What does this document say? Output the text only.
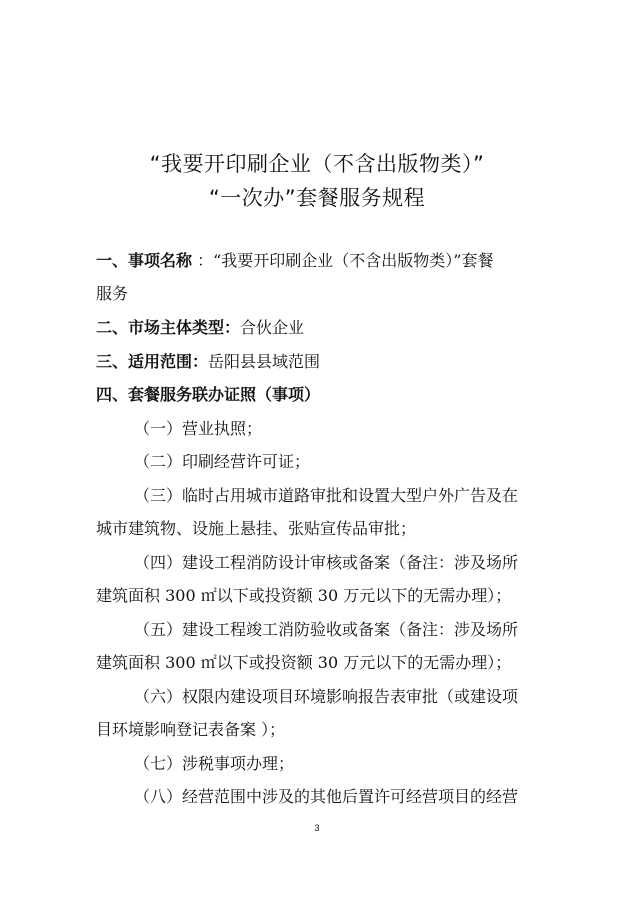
“我要开印刷企业（不含出版物类）”
“一次办”套餐服务规程
一、事项名称 ：“我要开印刷企业（不含出版物类）”套餐
服务
二、市场主体类型：合伙企业
三、适用范围：岳阳县县域范围
四、套餐服务联办证照（事项）
（一）营业执照；
（二）印刷经营许可证；
（三）临时占用城市道路审批和设置大型户外广告及在
城市建筑物、设施上悬挂、张贴宣传品审批；
（四）建设工程消防设计审核或备案（备注：涉及场所
建筑面积 300 ㎡以下或投资额 30 万元以下的无需办理）；
（五）建设工程竣工消防验收或备案（备注：涉及场所
建筑面积 300 ㎡以下或投资额 30 万元以下的无需办理）；
（六）权限内建设项目环境影响报告表审批（或建设项
目环境影响登记表备案 ）；
（七）涉税事项办理；
（八）经营范围中涉及的其他后置许可经营项目的经营
3
